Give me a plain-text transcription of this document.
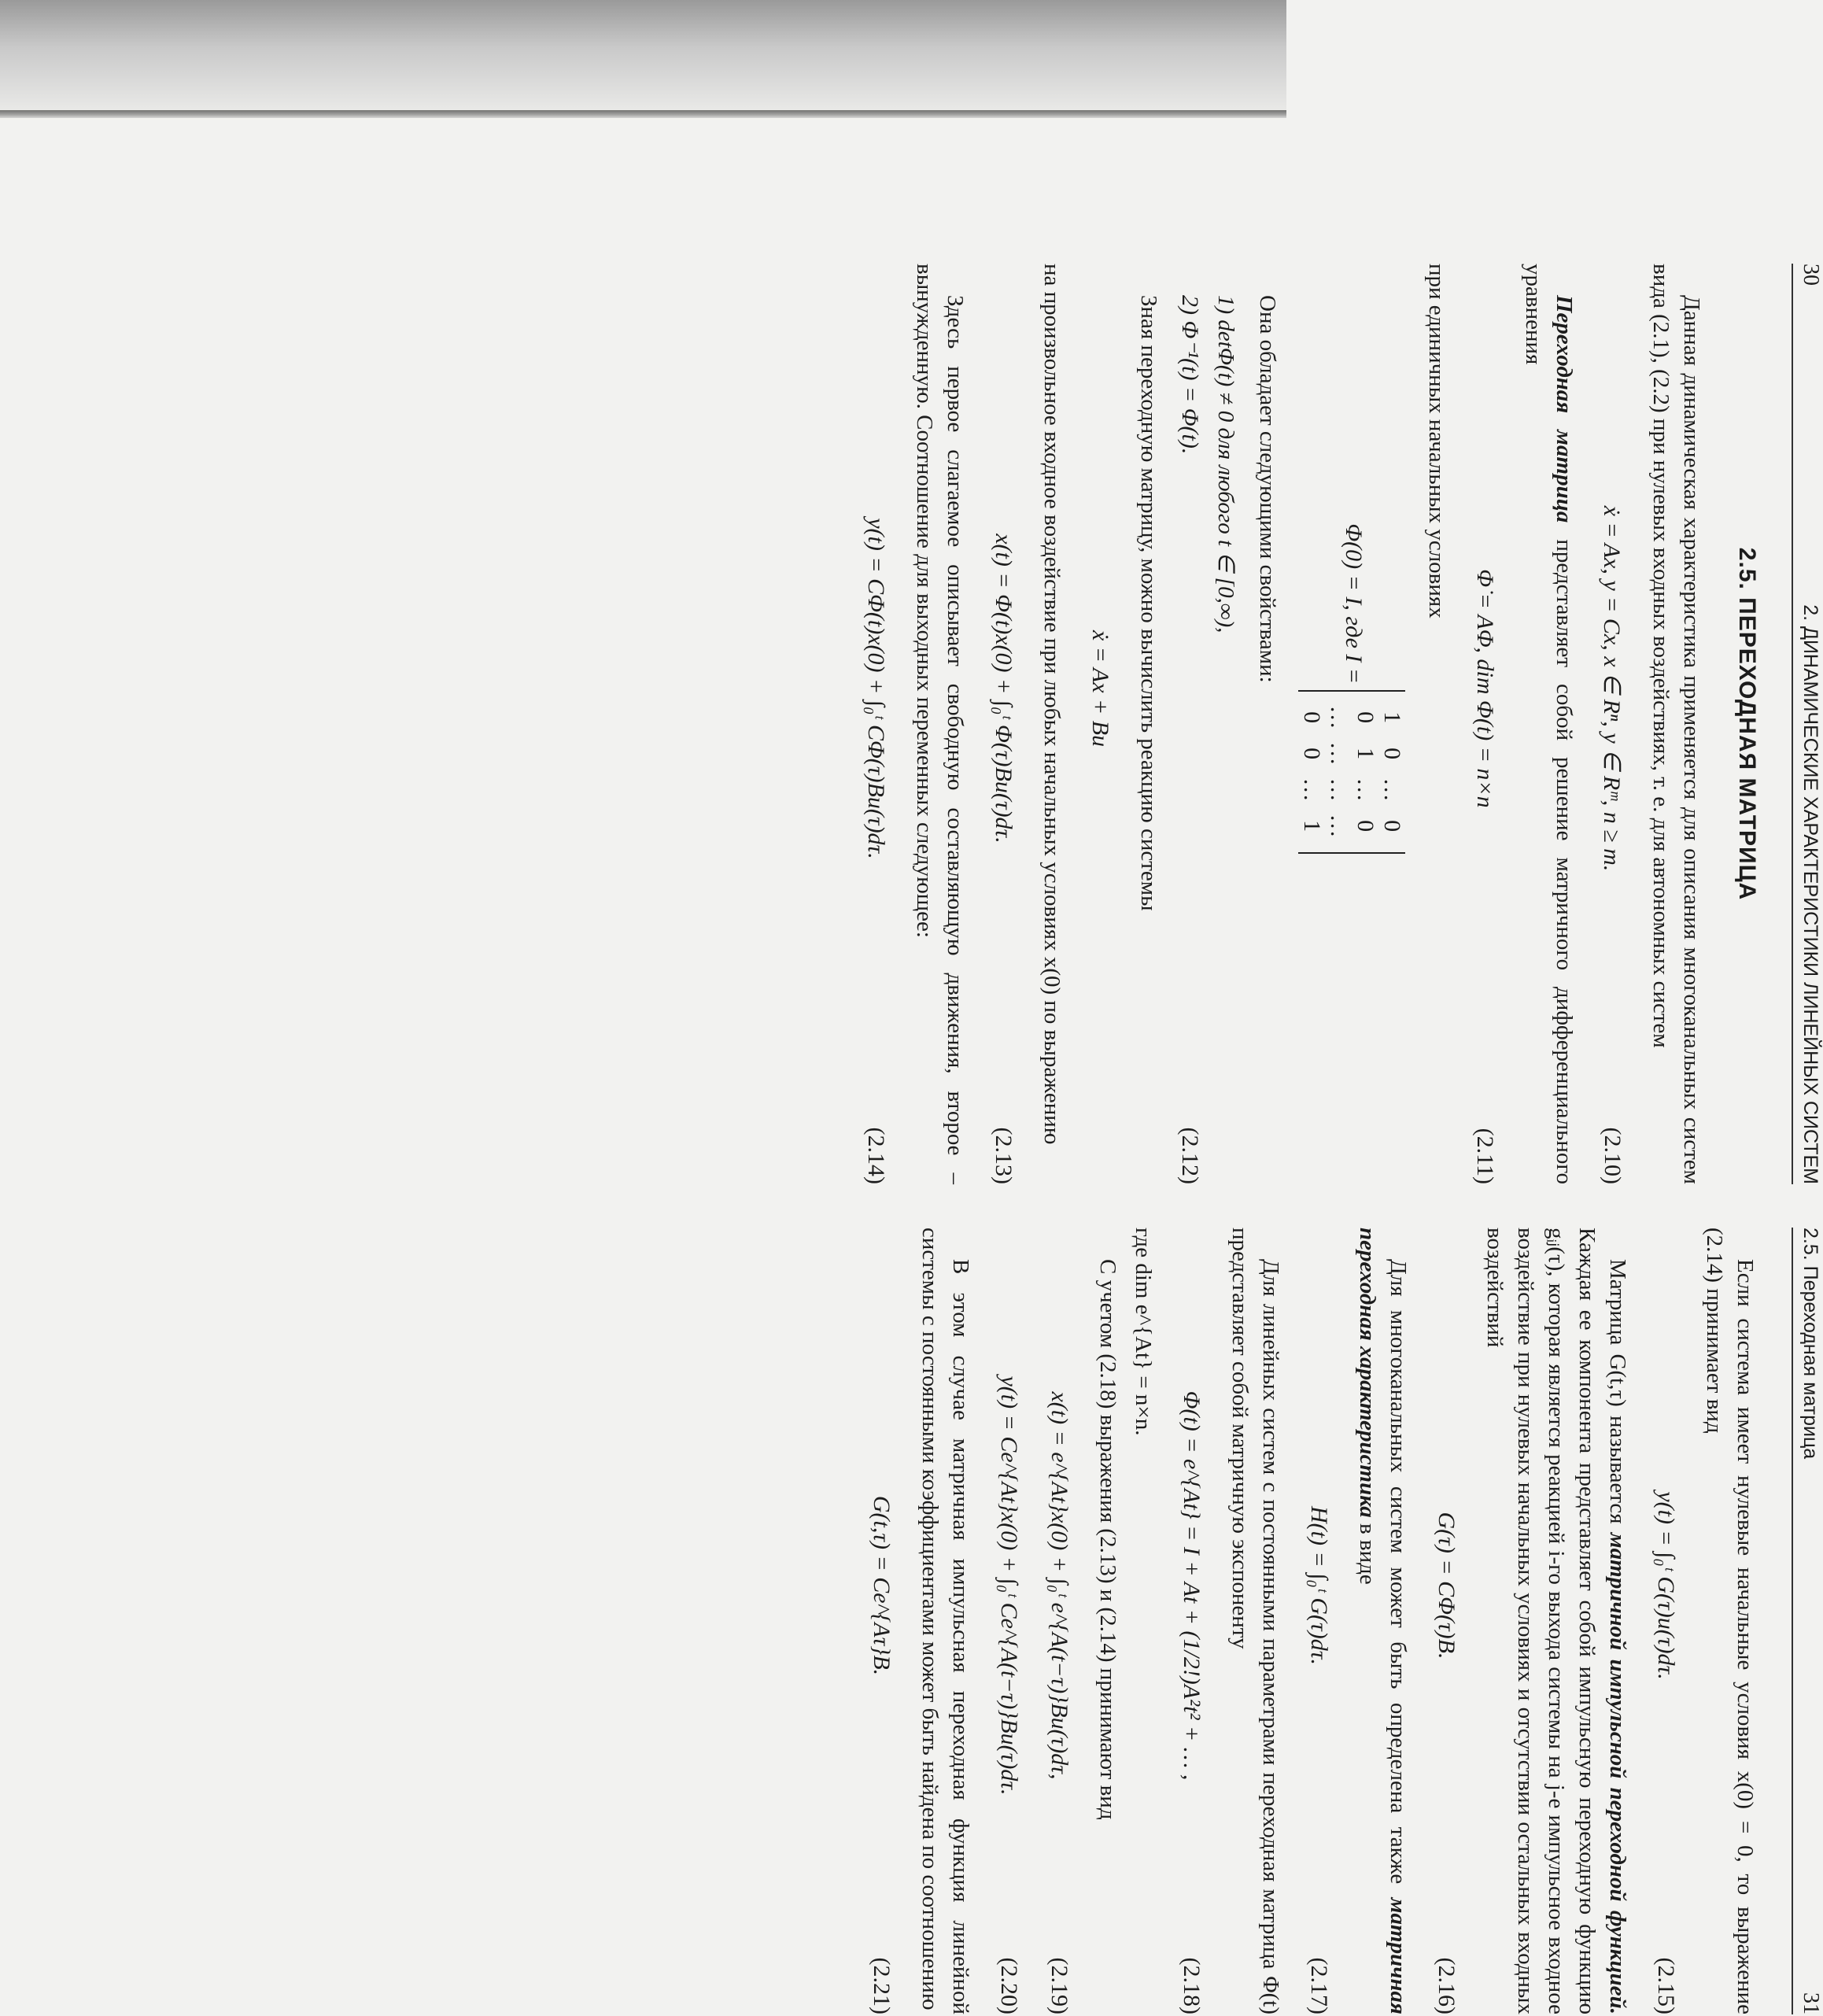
30
2. ДИНАМИЧЕСКИЕ ХАРАКТЕРИСТИКИ ЛИНЕЙНЫХ СИСТЕМ
2.5. ПЕРЕХОДНАЯ МАТРИЦА

Данная динамическая характеристика применяется для описания многоканальных систем вида (2.1), (2.2) при нулевых входных воздействиях, т. е. для автономных систем

ẋ = Ax, y = Cx, x ∈ Rⁿ, y ∈ Rᵐ, n ≥ m.
(2.10)

Переходная матрица представляет собой решение матричного дифференциального уравнения

Φ̇ = AΦ, dim Φ(t) = n×n
(2.11)

при единичных начальных условиях

Φ(0) = I, где I =
10…0
01…0
…………
00…1

Она обладает следующими свойствами:

1) detΦ(t) ≠ 0 для любого t ∈ [0,∞),
2) Φ⁻¹(t) = Φ(t).
(2.12)

Зная переходную матрицу, можно вычислить реакцию системы

ẋ = Ax + Bu

на произвольное входное воздействие при любых начальных условиях x(0) по выражению

x(t) = Φ(t)x(0) + ∫₀ᵗ Φ(τ)Bu(τ)dτ.
(2.13)

Здесь первое слагаемое описывает свободную составляющую движения, второе – вынужденную. Соотношение для выходных переменных следующее:

y(t) = CΦ(t)x(0) + ∫₀ᵗ CΦ(τ)Bu(τ)dτ.
(2.14)
2.5. Переходная матрица
31

Если система имеет нулевые начальные условия x(0) = 0, то выражение (2.14) принимает вид

y(t) = ∫₀ᵗ G(τ)u(τ)dτ.
(2.15)

Матрица G(t,τ) называется матричной импульсной переходной функцией. Каждая ее компонента представляет собой импульсную переходную функцию gᵢⱼ(τ), которая является реакцией i-го выхода системы на j-е импульсное входное воздействие при нулевых начальных условиях и отсутствии остальных входных воздействий

G(τ) = CΦ(τ)B.
(2.16)

Для многоканальных систем может быть определена также матричная переходная характеристика в виде

H(t) = ∫₀ᵗ G(τ)dτ.
(2.17)

Для линейных систем с постоянными параметрами переходная матрица Φ(t) представляет собой матричную экспоненту

Φ(t) = e^{At} = I + At + (1/2!)A²t² + … ,
(2.18)

где dim e^{At} = n×n.

С учетом (2.18) выражения (2.13) и (2.14) принимают вид

x(t) = e^{At}x(0) + ∫₀ᵗ e^{A(t−τ)}Bu(τ)dτ,
(2.19)
y(t) = Ce^{At}x(0) + ∫₀ᵗ Ce^{A(t−τ)}Bu(τ)dτ.
(2.20)

В этом случае матричная импульсная переходная функция линейной системы с постоянными коэффициентами может быть найдена по соотношению

G(t,τ) = Ce^{Aτ}B.
(2.21)
